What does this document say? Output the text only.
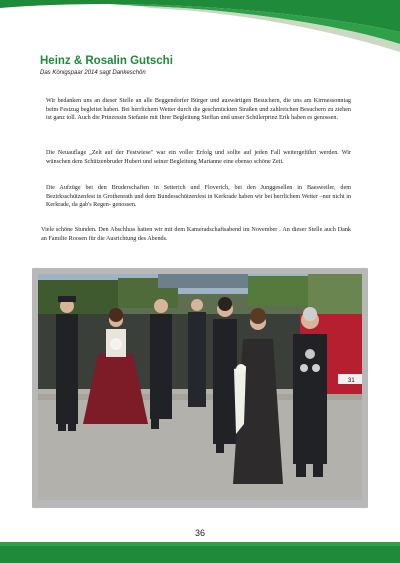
Heinz & Rosalin Gutschi
Das Königspaar 2014 sagt Dankeschön

Wir bedanken uns an dieser Stelle an alle Beggendorfer Bürger und auswärtigen Besuchern, die uns am Kirmessonntag beim Festzug begleitet haben. Bei herrlichem Wetter durch die geschmückten Straßen und zahlreichen Besuchern zu ziehen ist ganz toll. Auch die Prinzessin Stefanie mit Ihrer Begleitung Steffan und unser Schülerprinz Erik haben es genossen.

Die Neuauflage „Zelt auf der Festwiese" war ein voller Erfolg und sollte auf jeden Fall weitergeführt werden. Wir wünschen dem Schützenbruder Hubert und seiner Begleitung Marianne eine ebenso schöne Zeit.

Die Aufzüge bei den Bruderschaften in Setterich und Floverich, bei den Junggesellen in Baesweiler, dem Bezirksschützenfest in Grothenrath und dem Bundesschützenfest in Kerkrade haben wir bei herrlichem Wetter –nur nicht in Kerkrade, da gab's Regen- genossen.

Viele schöne Stunden. Den Abschluss hatten wir mit dem Kameradschaftsabend im November . An dieser Stelle auch Dank an Familie Roosen für die Ausrichtung des Abends.

31
36
